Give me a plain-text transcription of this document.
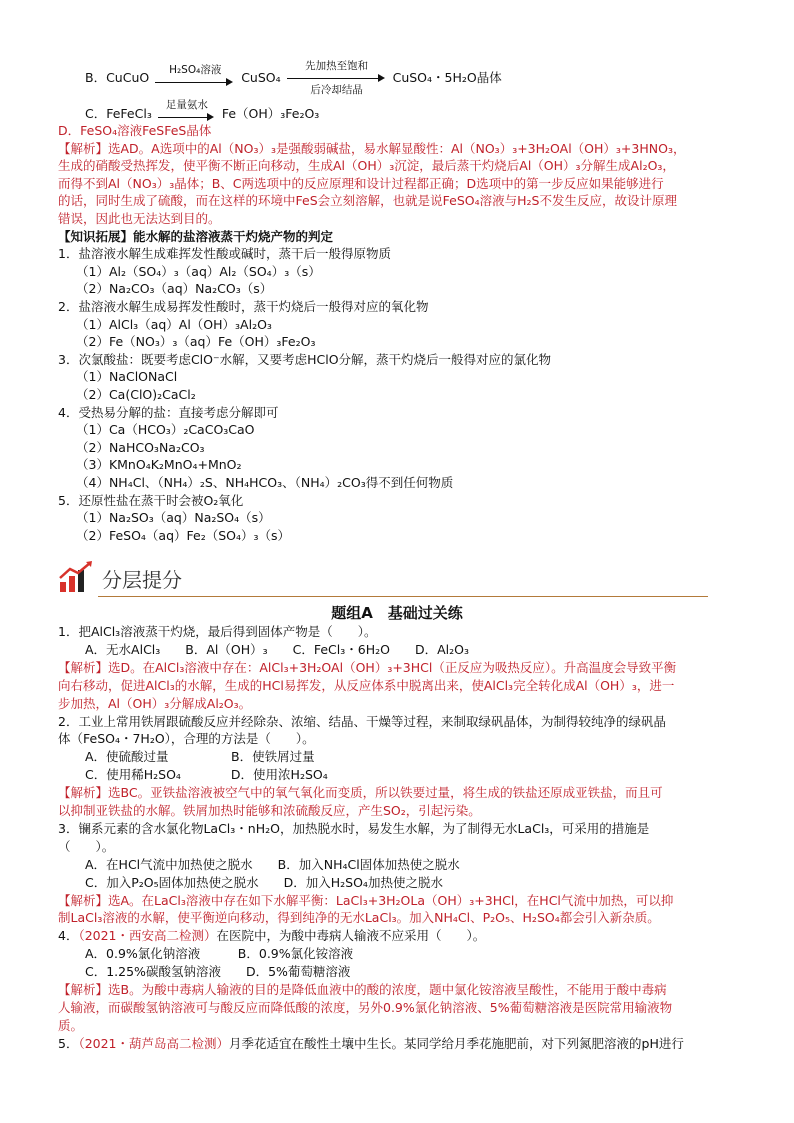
B．CuCuO
H₂SO₄溶液
CuSO₄
先加热至饱和
后冷却结晶
CuSO₄・5H₂O晶体
C．FeFeCl₃
足量氨水
Fe（OH）₃Fe₂O₃
D．FeSO₄溶液FeSFeS晶体
【解析】选AD。A选项中的Al（NO₃）₃是强酸弱碱盐，易水解显酸性：Al（NO₃）₃+3H₂OAl（OH）₃+3HNO₃，
生成的硝酸受热挥发，使平衡不断正向移动，生成Al（OH）₃沉淀，最后蒸干灼烧后Al（OH）₃分解生成Al₂O₃，
而得不到Al（NO₃）₃晶体；B、C两选项中的反应原理和设计过程都正确；D选项中的第一步反应如果能够进行
的话，同时生成了硫酸，而在这样的环境中FeS会立刻溶解，也就是说FeSO₄溶液与H₂S不发生反应，故设计原理
错误，因此也无法达到目的。
【知识拓展】能水解的盐溶液蒸干灼烧产物的判定
1．盐溶液水解生成难挥发性酸或碱时，蒸干后一般得原物质
（1）Al₂（SO₄）₃（aq）Al₂（SO₄）₃（s）
（2）Na₂CO₃（aq）Na₂CO₃（s）
2．盐溶液水解生成易挥发性酸时，蒸干灼烧后一般得对应的氧化物
（1）AlCl₃（aq）Al（OH）₃Al₂O₃
（2）Fe（NO₃）₃（aq）Fe（OH）₃Fe₂O₃
3．次氯酸盐：既要考虑ClO⁻水解，又要考虑HClO分解，蒸干灼烧后一般得对应的氯化物
（1）NaClONaCl
（2）Ca(ClO)₂CaCl₂
4．受热易分解的盐：直接考虑分解即可
（1）Ca（HCO₃）₂CaCO₃CaO
（2）NaHCO₃Na₂CO₃
（3）KMnO₄K₂MnO₄+MnO₂
（4）NH₄Cl、（NH₄）₂S、NH₄HCO₃、（NH₄）₂CO₃得不到任何物质
5．还原性盐在蒸干时会被O₂氧化
（1）Na₂SO₃（aq）Na₂SO₄（s）
（2）FeSO₄（aq）Fe₂（SO₄）₃（s）
分层提分
题组A　基础过关练
1．把AlCl₃溶液蒸干灼烧，最后得到固体产物是（　　）。
A．无水AlCl₃　　B．Al（OH）₃　　C．FeCl₃・6H₂O　　D．Al₂O₃
【解析】选D。在AlCl₃溶液中存在：AlCl₃+3H₂OAl（OH）₃+3HCl（正反应为吸热反应）。升高温度会导致平衡
向右移动，促进AlCl₃的水解，生成的HCl易挥发，从反应体系中脱离出来，使AlCl₃完全转化成Al（OH）₃，进一
步加热，Al（OH）₃分解成Al₂O₃。
2．工业上常用铁屑跟硫酸反应并经除杂、浓缩、结晶、干燥等过程，来制取绿矾晶体，为制得较纯净的绿矾晶
体（FeSO₄・7H₂O），合理的方法是（　　）。
A．使硫酸过量　　　　　B．使铁屑过量
C．使用稀H₂SO₄　　　　D．使用浓H₂SO₄
【解析】选BC。亚铁盐溶液被空气中的氧气氧化而变质，所以铁要过量，将生成的铁盐还原成亚铁盐，而且可
以抑制亚铁盐的水解。铁屑加热时能够和浓硫酸反应，产生SO₂，引起污染。
3．镧系元素的含水氯化物LaCl₃・nH₂O，加热脱水时，易发生水解，为了制得无水LaCl₃，可采用的措施是
（　　）。
A．在HCl气流中加热使之脱水　　B．加入NH₄Cl固体加热使之脱水
C．加入P₂O₅固体加热使之脱水　　D．加入H₂SO₄加热使之脱水
【解析】选A。在LaCl₃溶液中存在如下水解平衡：LaCl₃+3H₂OLa（OH）₃+3HCl，在HCl气流中加热，可以抑
制LaCl₃溶液的水解，使平衡逆向移动，得到纯净的无水LaCl₃。加入NH₄Cl、P₂O₅、H₂SO₄都会引入新杂质。
4．（2021・西安高二检测）在医院中，为酸中毒病人输液不应采用（　　）。
A．0.9%氯化钠溶液　　　B．0.9%氯化铵溶液
C．1.25%碳酸氢钠溶液　　D．5%葡萄糖溶液
【解析】选B。为酸中毒病人输液的目的是降低血液中的酸的浓度，题中氯化铵溶液呈酸性，不能用于酸中毒病
人输液，而碳酸氢钠溶液可与酸反应而降低酸的浓度，另外0.9%氯化钠溶液、5%葡萄糖溶液是医院常用输液物
质。
5．（2021・葫芦岛高二检测）月季花适宜在酸性土壤中生长。某同学给月季花施肥前，对下列氮肥溶液的pH进行
